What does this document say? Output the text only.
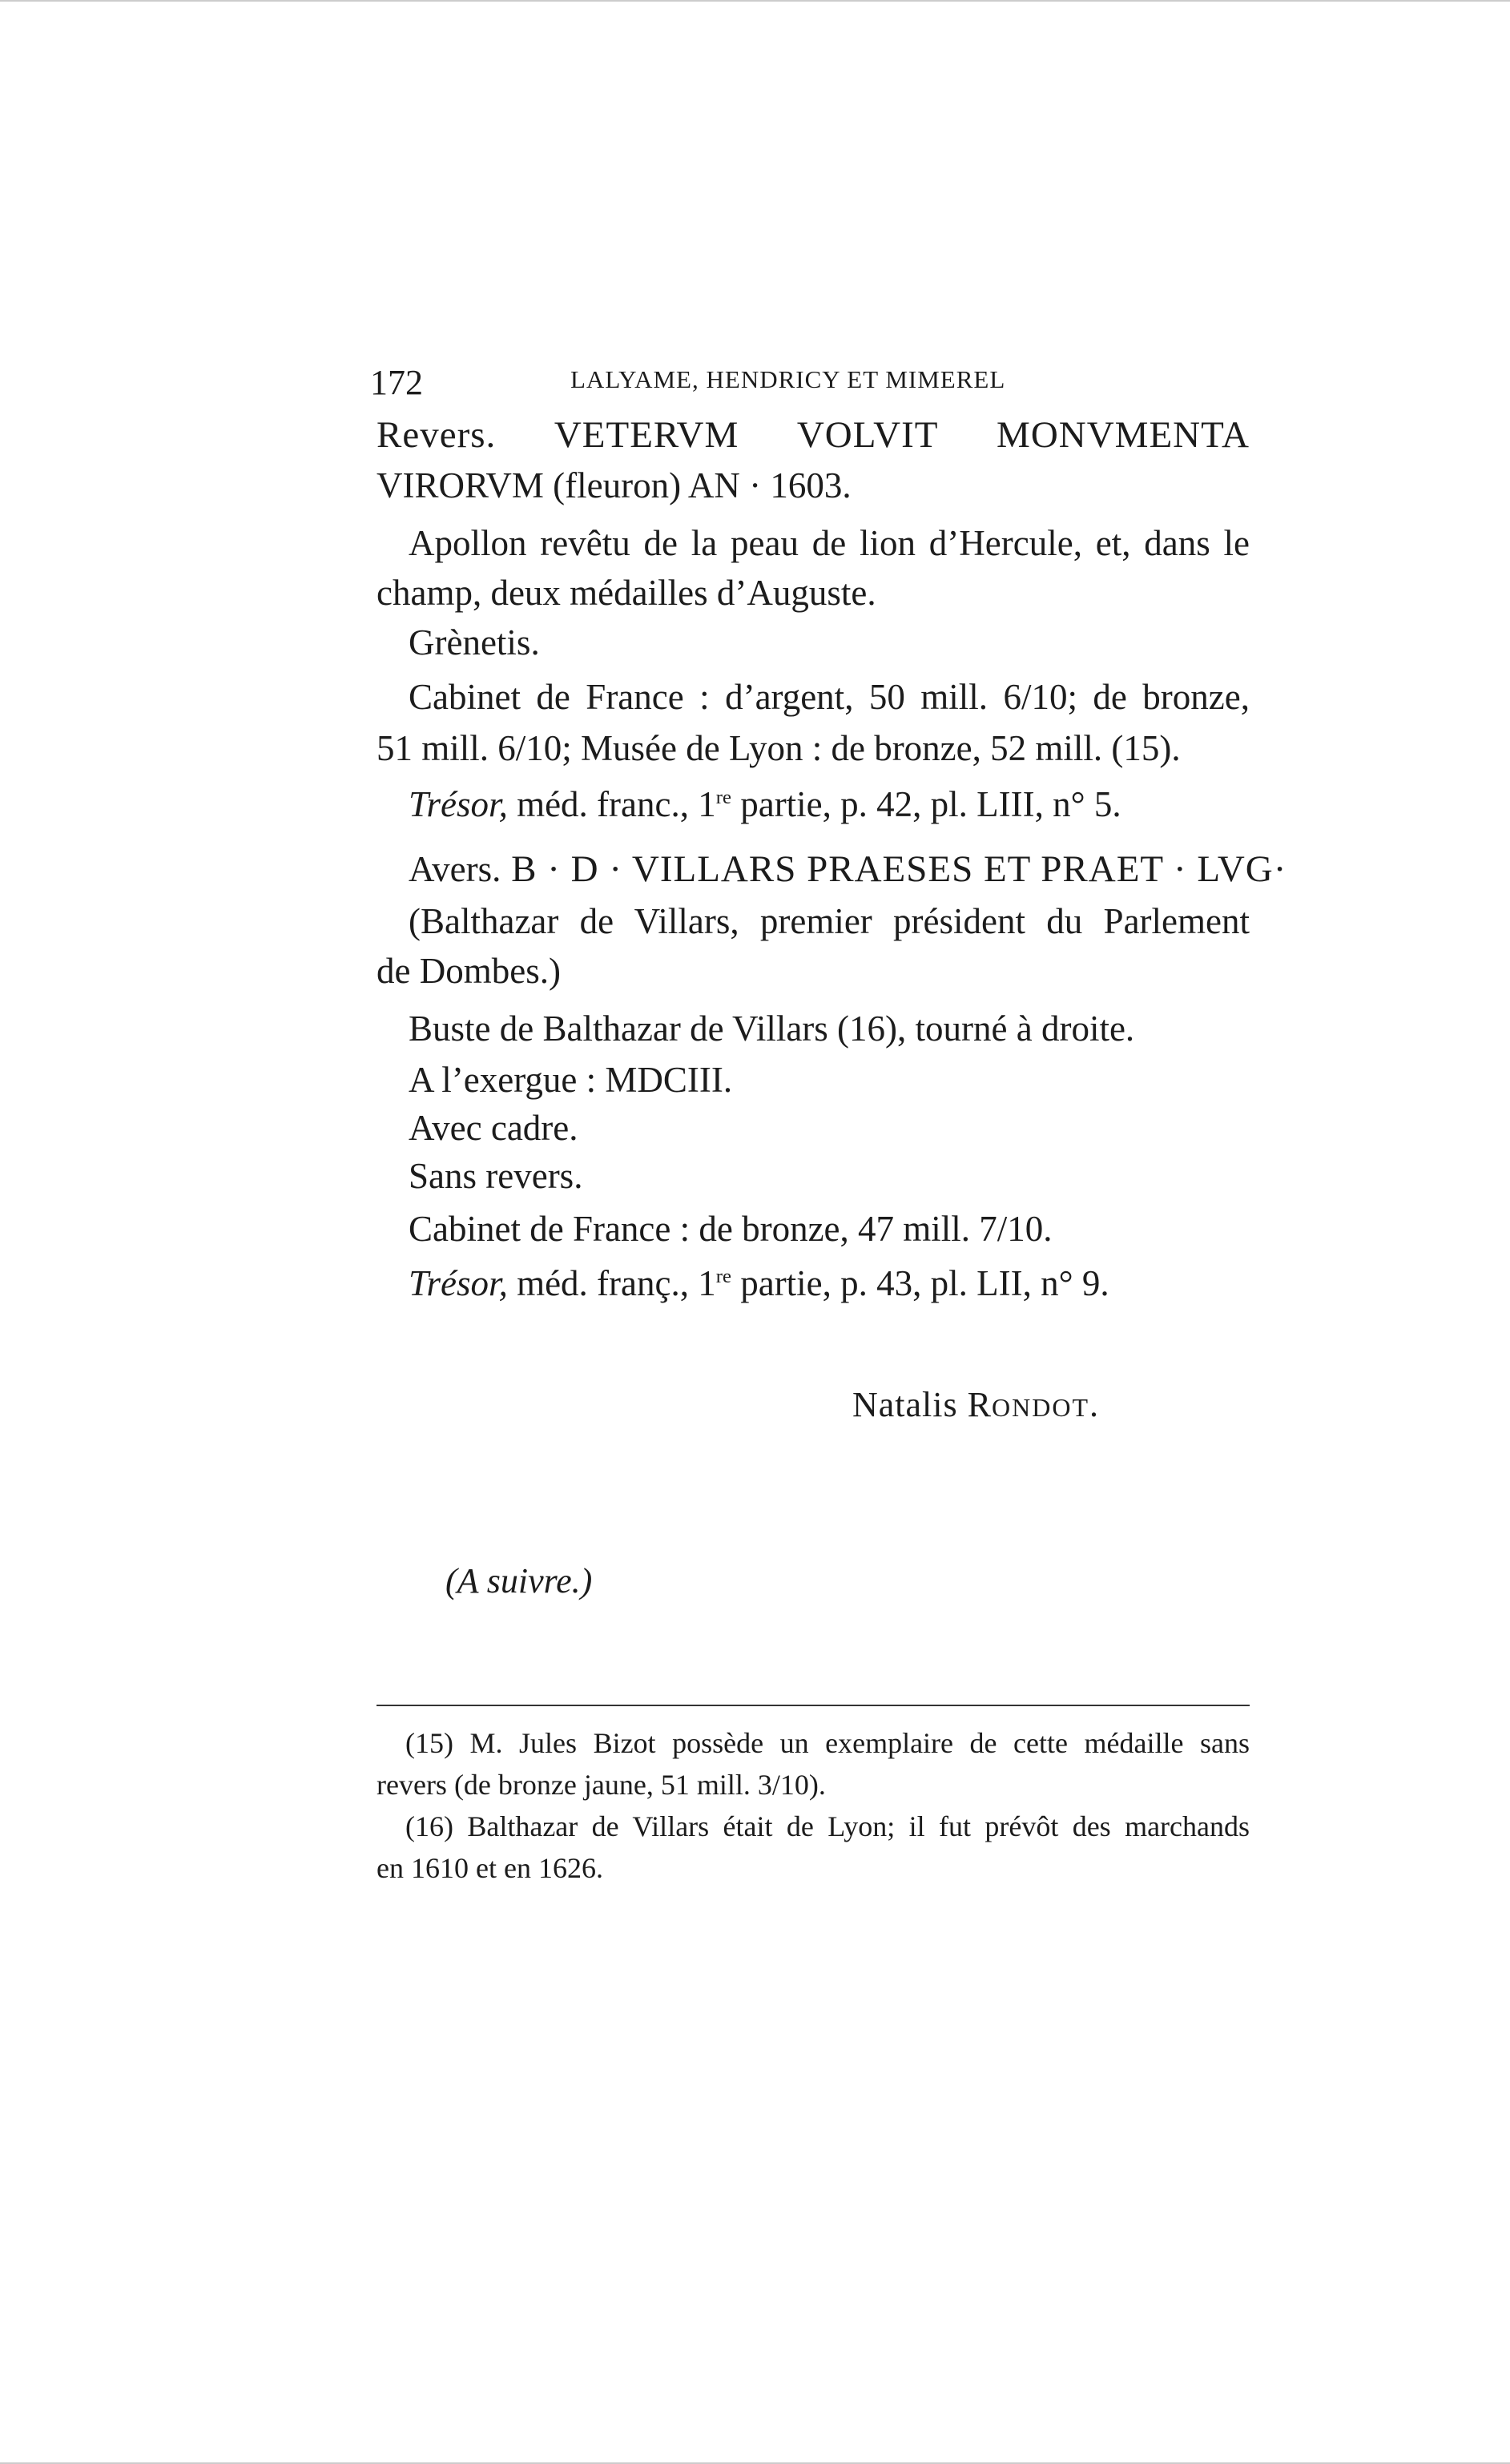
172	LALYAME, HENDRICY ET MIMEREL
Revers. VETERVM VOLVIT MONVMENTA
VIRORVM (fleuron) AN · 1603.
Apollon revêtu de la peau de lion d’Hercule, et, dans le
champ, deux médailles d’Auguste.
Grènetis.
Cabinet de France : d’argent, 50 mill. 6/10; de bronze,
51 mill. 6/10; Musée de Lyon : de bronze, 52 mill. (15).
Trésor, méd. franc., 1re partie, p. 42, pl. LIII, n° 5.
Avers. B · D · VILLARS PRAESES ET PRAET · LVG·
(Balthazar de Villars, premier président du Parlement
de Dombes.)
Buste de Balthazar de Villars (16), tourné à droite.
A l’exergue : MDCIII.
Avec cadre.
Sans revers.
Cabinet de France : de bronze, 47 mill. 7/10.
Trésor, méd. franç., 1re partie, p. 43, pl. LII, n° 9.
Natalis RONDOT.
(A suivre.)
(15) M. Jules Bizot possède un exemplaire de cette médaille sans
revers (de bronze jaune, 51 mill. 3/10).
(16) Balthazar de Villars était de Lyon; il fut prévôt des marchands
en 1610 et en 1626.
